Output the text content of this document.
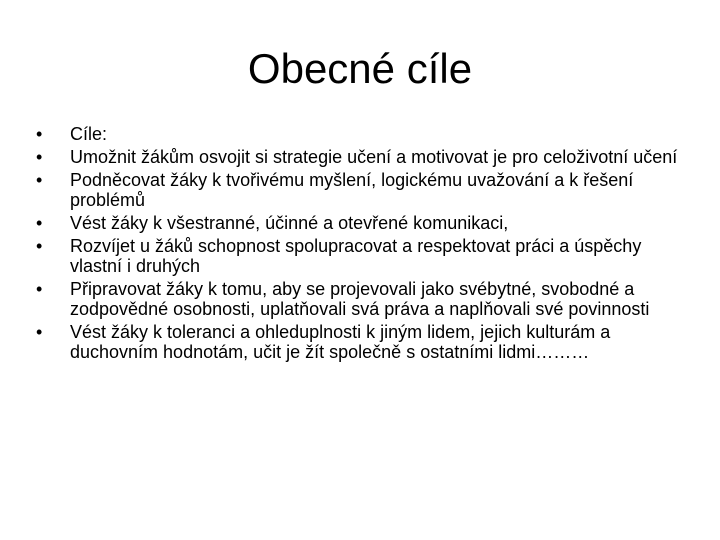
Obecné cíle
•	Cíle:
•	Umožnit žákům osvojit si strategie učení a motivovat je pro celoživotní učení
•	Podněcovat žáky k tvořivému myšlení, logickému uvažování a k řešení problémů
•	Vést žáky k všestranné, účinné a otevřené komunikaci,
•	Rozvíjet u žáků schopnost spolupracovat a respektovat práci a úspěchy vlastní i druhých
•	Připravovat žáky k tomu, aby se projevovali jako svébytné, svobodné a zodpovědné osobnosti, uplatňovali svá práva a naplňovali své povinnosti
•	Vést žáky k toleranci a ohleduplnosti k jiným lidem, jejich kulturám a duchovním hodnotám, učit je žít společně s ostatními lidmi………
